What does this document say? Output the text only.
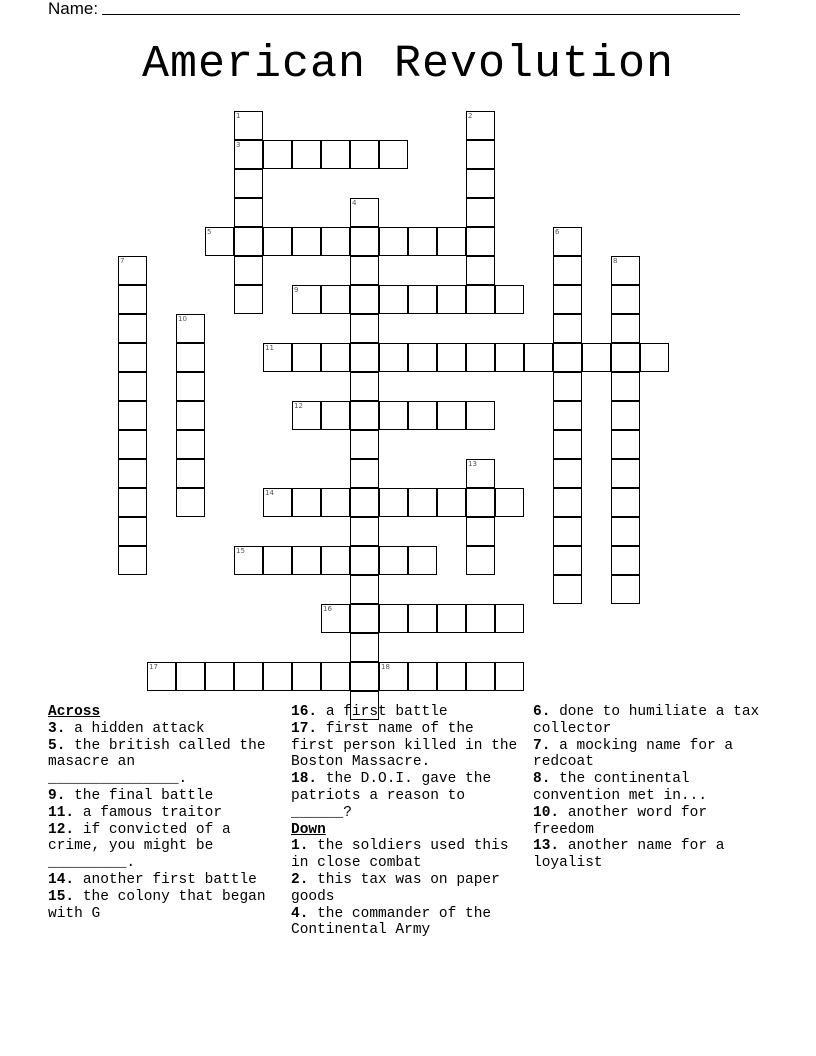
Name:
American Revolution
1	2
3
4
5	6
7	8
9
10
11
12
13
14
15
16
17	18

Across

3. a hidden attack

5. the british called the masacre an _______________.

9. the final battle

11. a famous traitor

12. if convicted of a crime, you might be _________.

14. another first battle

15. the colony that began with G

16. a first battle

17. first name of the first person killed in the Boston Massacre.

18. the D.O.I. gave the patriots a reason to ______?

Down

1. the soldiers used this in close combat

2. this tax was on paper goods

4. the commander of the Continental Army

6. done to humiliate a tax collector

7. a mocking name for a redcoat

8. the continental convention met in...

10. another word for freedom

13. another name for a loyalist
